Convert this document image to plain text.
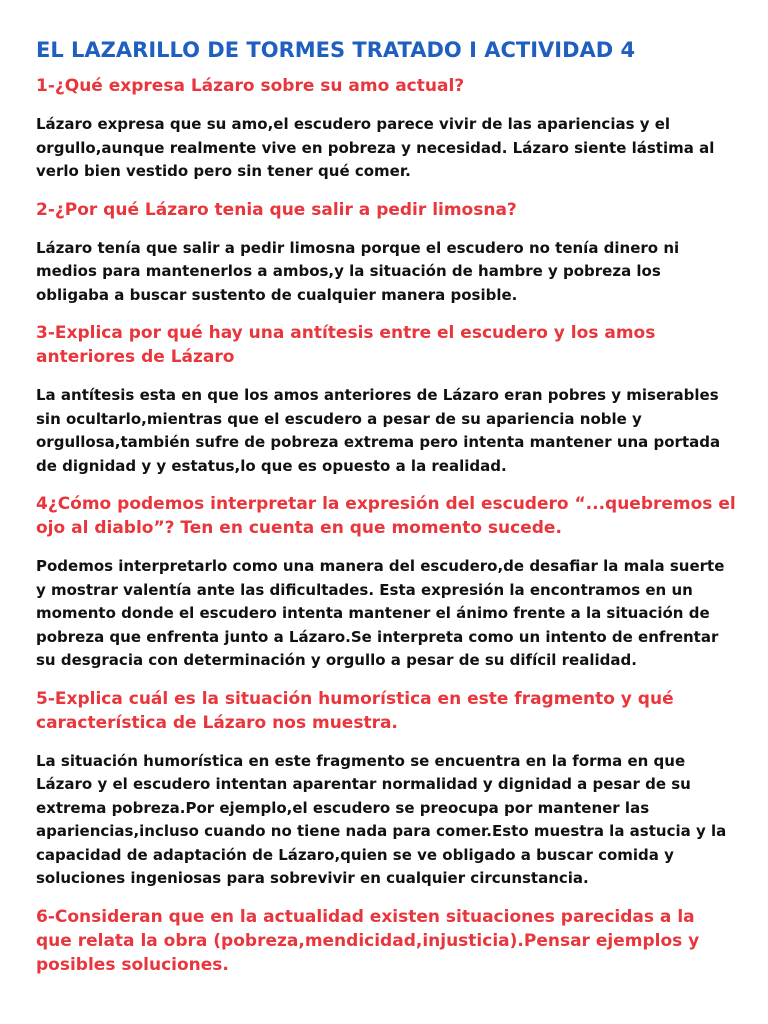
EL LAZARILLO DE TORMES TRATADO I ACTIVIDAD 4
1-¿Qué expresa Lázaro sobre su amo actual?
Lázaro expresa que su amo,el escudero parece vivir de las apariencias y el orgullo,aunque realmente vive en pobreza y necesidad. Lázaro siente lástima al verlo bien vestido pero sin tener qué comer.
2-¿Por qué Lázaro tenia que salir a pedir limosna?
Lázaro tenía que salir a pedir limosna porque el escudero no tenía dinero ni medios para mantenerlos a ambos,y la situación de hambre y pobreza los obligaba a buscar sustento de cualquier manera posible.
3-Explica por qué hay una antítesis entre el escudero y los amos anteriores de Lázaro
La antítesis esta en que los amos anteriores de Lázaro eran pobres y miserables sin ocultarlo,mientras que el escudero a pesar de su apariencia noble y orgullosa,también sufre de pobreza extrema pero intenta mantener una portada de dignidad y y estatus,lo que es opuesto a la realidad.
4¿Cómo podemos interpretar la expresión del escudero “...quebremos el ojo al diablo”? Ten en cuenta en que momento sucede.
Podemos interpretarlo como una manera del escudero,de desafiar la mala suerte y mostrar valentía ante las dificultades. Esta expresión la encontramos en un momento donde el escudero intenta mantener el ánimo frente a la situación de pobreza que enfrenta junto a Lázaro.Se interpreta como un intento de enfrentar su desgracia con determinación y orgullo a pesar de su difícil realidad.
5-Explica cuál es la situación humorística en este fragmento y qué característica de Lázaro nos muestra.
La situación humorística en este fragmento se encuentra en la forma en que Lázaro y el escudero intentan aparentar normalidad y dignidad a pesar de su extrema pobreza.Por ejemplo,el escudero se preocupa por mantener las apariencias,incluso cuando no tiene nada para comer.Esto muestra la astucia y la capacidad de adaptación de Lázaro,quien se ve obligado a buscar comida y soluciones ingeniosas para sobrevivir en cualquier circunstancia.
6-Consideran que en la actualidad existen situaciones parecidas a la que relata la obra (pobreza,mendicidad,injusticia).Pensar ejemplos y posibles soluciones.
